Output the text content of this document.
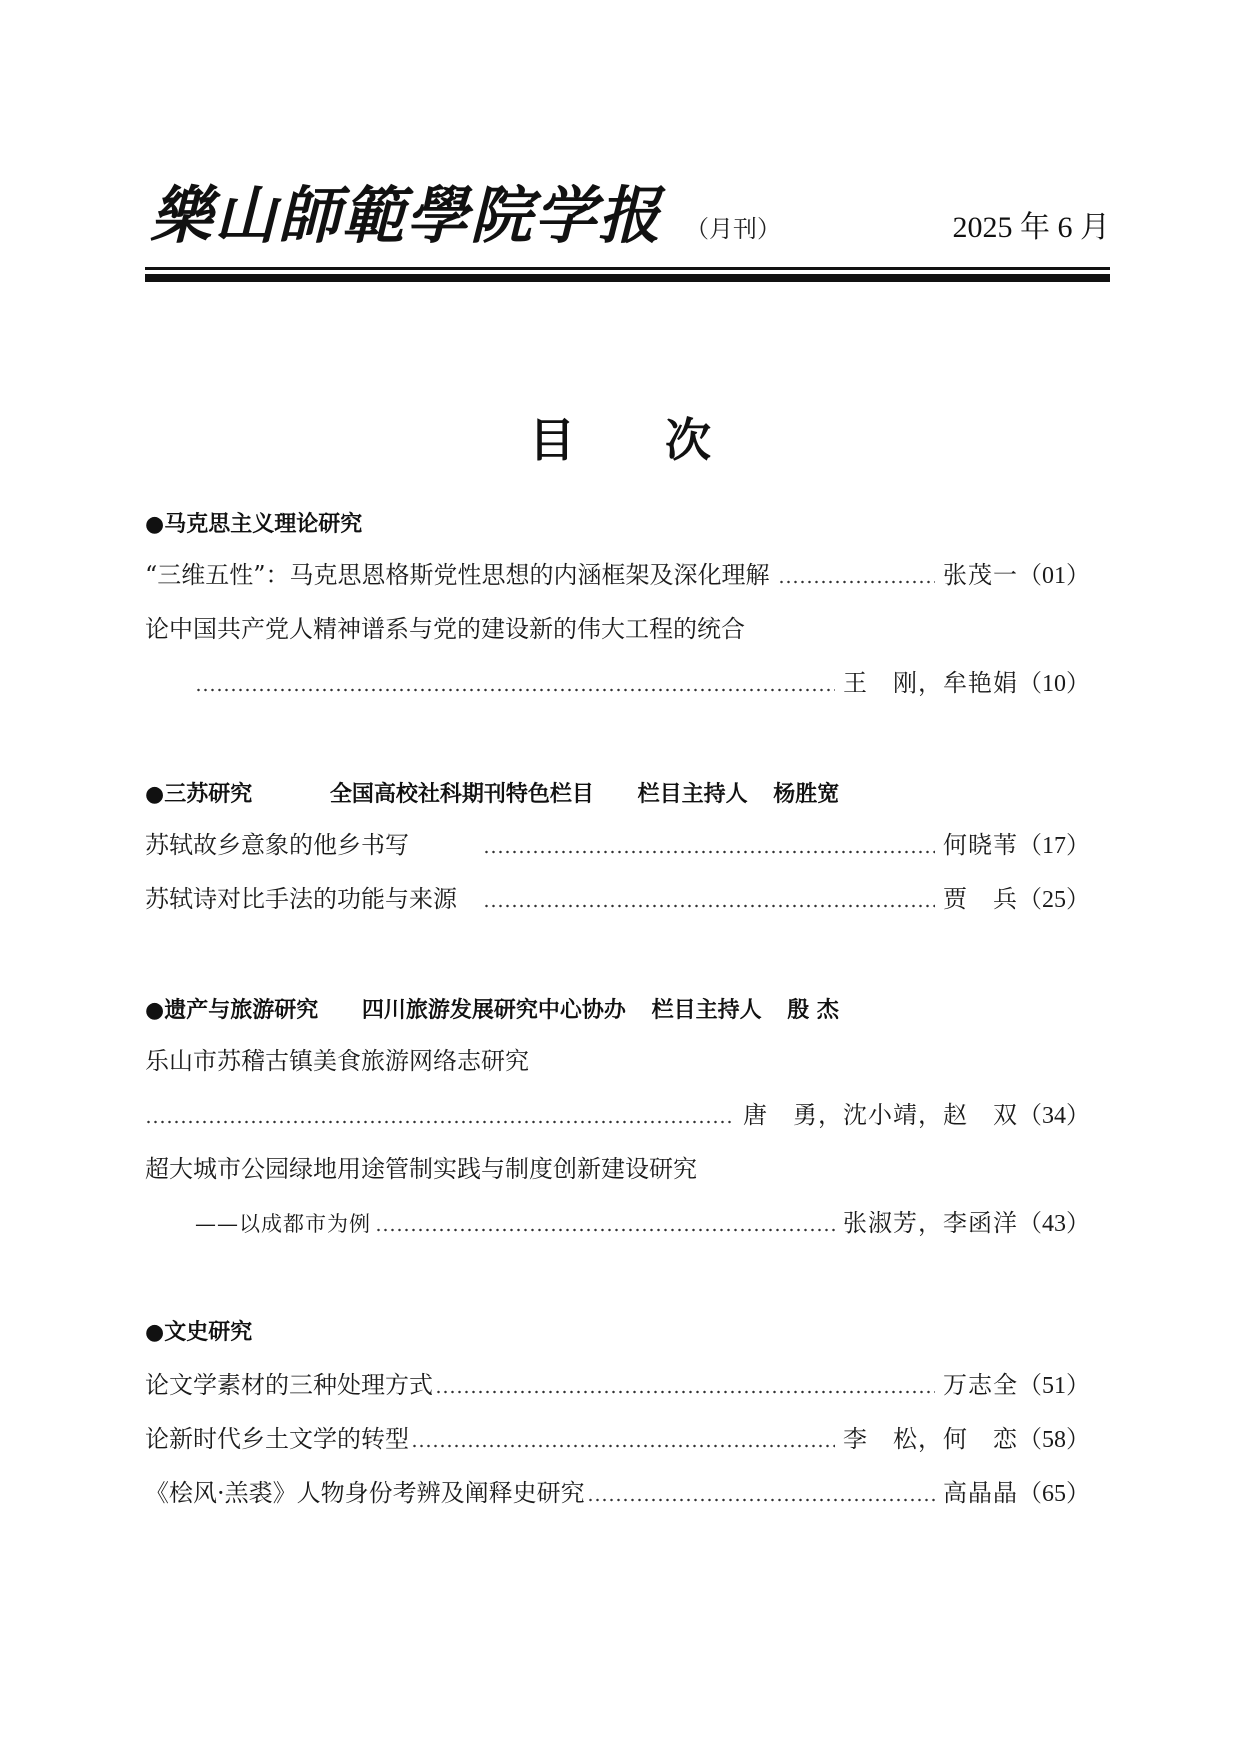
樂山師範學院学报 （月刊）	2025 年 6 月
目次
●马克思主义理论研究
“三维五性”：马克思恩格斯党性思想的内涵框架及深化理解	张茂一 （01）
论中国共产党人精神谱系与党的建设新的伟大工程的统合
王　刚，牟艳娟 （10）
●三苏研究	全国高校社科期刊特色栏目 栏目主持人 杨胜宽
苏轼故乡意象的他乡书写	何晓苇 （17）
苏轼诗对比手法的功能与来源	贾　兵 （25）
●遗产与旅游研究 四川旅游发展研究中心协办 栏目主持人 殷 杰
乐山市苏稽古镇美食旅游网络志研究
唐　勇，沈小靖，赵　双 （34）
超大城市公园绿地用途管制实践与制度创新建设研究
——以成都市为例	张淑芳，李函洋 （43）
●文史研究
论文学素材的三种处理方式	万志全 （51）
论新时代乡土文学的转型	李　松，何　恋 （58）
《桧风·羔裘》人物身份考辨及阐释史研究	高晶晶 （65）
